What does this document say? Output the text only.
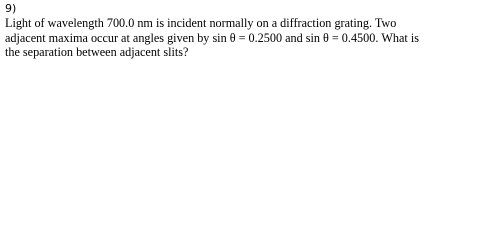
9)

Light of wavelength 700.0 nm is incident normally on a diffraction grating. Two
adjacent maxima occur at angles given by sin θ = 0.2500 and sin θ = 0.4500. What is
the separation between adjacent slits?
